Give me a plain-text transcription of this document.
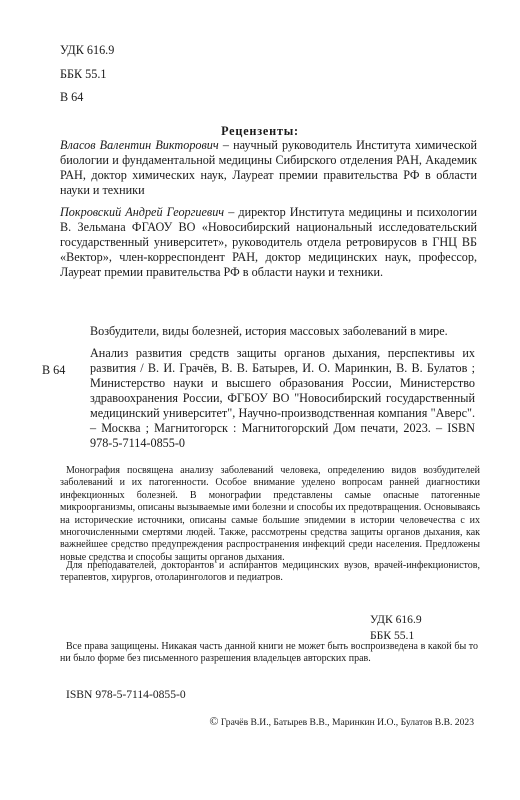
УДК 616.9
ББК 55.1
В 64
Рецензенты:
Власов Валентин Викторович – научный руководитель Института химической биологии и фундаментальной медицины Сибирского отделения РАН, Академик РАН, доктор химических наук, Лауреат премии правительства РФ в области науки и техники
Покровский Андрей Георгиевич – директор Института медицины и психологии В. Зельмана ФГАОУ ВО «Новосибирский национальный исследовательский государственный университет», руководитель отдела ретровирусов в ГНЦ ВБ «Вектор», член-корреспондент РАН, доктор медицинских наук, профессор, Лауреат премии правительства РФ в области науки и техники.
Возбудители, виды болезней, история массовых заболеваний в мире.
В 64
Анализ развития средств защиты органов дыхания, перспективы их развития / В. И. Грачёв, В. В. Батырев, И. О. Маринкин, В. В. Булатов ; Министерство науки и высшего образования России, Министерство здравоохранения России, ФГБОУ ВО "Новосибирский государственный медицинский университет", Научно-производственная компания "Аверс". – Москва ; Магнитогорск : Магнитогорский Дом печати, 2023. – ISBN 978-5-7114-0855-0
Монография посвящена анализу заболеваний человека, определению видов возбудителей заболеваний и их патогенности. Особое внимание уделено вопросам ранней диагностики инфекционных болезней. В монографии представлены самые опасные патогенные микроорганизмы, описаны вызываемые ими болезни и способы их предотвращения. Основываясь на исторические источники, описаны самые большие эпидемии в истории человечества с их многочисленными смертями людей. Также, рассмотрены средства защиты органов дыхания, как важнейшее средство предупреждения распространения инфекций среди населения. Предложены новые средства и способы защиты органов дыхания.
Для преподавателей, докторантов и аспирантов медицинских вузов, врачей-инфекционистов, терапевтов, хирургов, отоларингологов и педиатров.
УДК 616.9
ББК 55.1
Все права защищены. Никакая часть данной книги не может быть воспроизведена в какой бы то ни было форме без письменного разрешения владельцев авторских прав.
ISBN 978-5-7114-0855-0
© Грачёв В.И., Батырев В.В., Маринкин И.О., Булатов В.В. 2023
